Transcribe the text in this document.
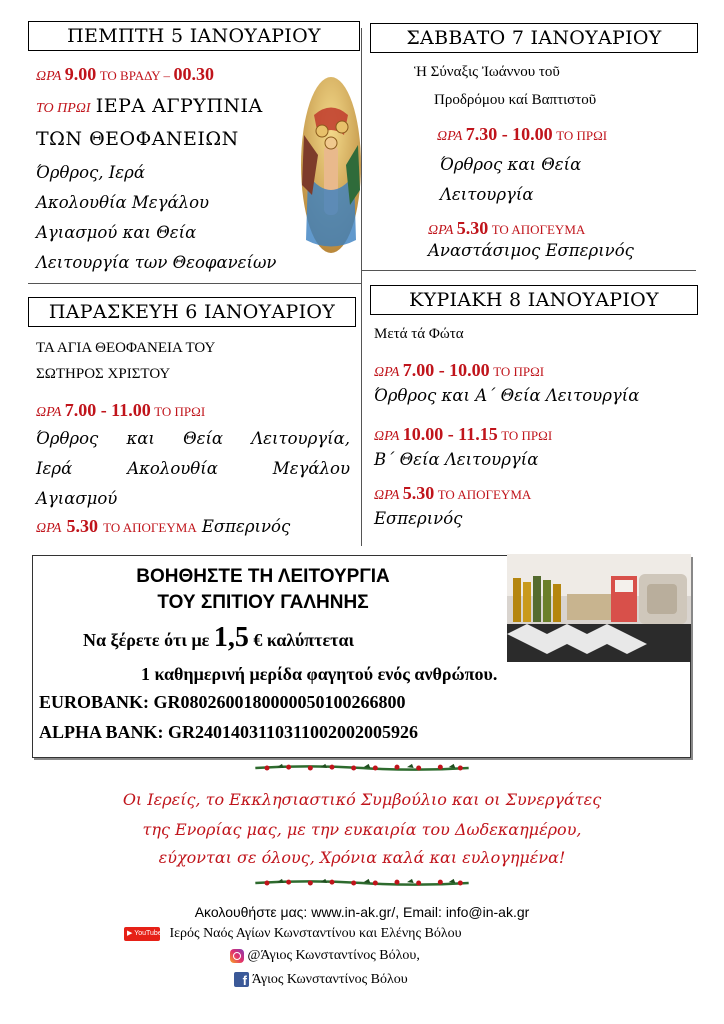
ΠΕΜΠΤΗ 5 ΙΑΝΟΥΑΡΙΟΥ
ΩΡΑ 9.00 ΤΟ ΒΡΑΔΥ – 00.30
ΤΟ ΠΡΩΙ ΙΕΡΑ ΑΓΡΥΠΝΙΑ
ΤΩΝ ΘΕΟΦΑΝΕΙΩΝ
Όρθρος, Ιερά
Ακολουθία Μεγάλου
Αγιασμού και Θεία
Λειτουργία των Θεοφανείων
ΣΑΒΒΑΤΟ 7 ΙΑΝΟΥΑΡΙΟΥ
Ἡ Σύναξις Ἰωάννου τοῦ
Προδρόμου καί Βαπτιστοῦ
ΩΡΑ 7.30 - 10.00 ΤΟ ΠΡΩΙ
Όρθρος και Θεία
Λειτουργία
ΩΡΑ 5.30 ΤΟ ΑΠΟΓΕΥΜΑ
Αναστάσιμος Εσπερινός
ΠΑΡΑΣΚΕΥΗ 6 ΙΑΝΟΥΑΡΙΟΥ
ΤΑ ΑΓΙΑ ΘΕΟΦΑΝΕΙΑ ΤΟΥ
ΣΩΤΗΡΟΣ ΧΡΙΣΤΟΥ
ΩΡΑ 7.00 - 11.00 ΤΟ ΠΡΩΙ
Όρθρος και Θεία Λειτουργία,
Ιερά Ακολουθία Μεγάλου
Αγιασμού
ΩΡΑ 5.30 ΤΟ ΑΠΟΓΕΥΜΑ Εσπερινός
ΚΥΡΙΑΚΗ 8 ΙΑΝΟΥΑΡΙΟΥ
Μετά τά Φώτα
ΩΡΑ 7.00 - 10.00 ΤΟ ΠΡΩΙ
Όρθρος και Α΄ Θεία Λειτουργία
ΩΡΑ 10.00 - 11.15 ΤΟ ΠΡΩΙ
Β΄ Θεία Λειτουργία
ΩΡΑ 5.30 ΤΟ ΑΠΟΓΕΥΜΑ
Εσπερινός
ΒΟΗΘΗΣΤΕ ΤΗ ΛΕΙΤΟΥΡΓΙΑ
ΤΟΥ ΣΠΙΤΙΟΥ ΓΑΛΗΝΗΣ
Να ξέρετε ότι με 1,5 € καλύπτεται
1 καθημερινή μερίδα φαγητού ενός ανθρώπου.
EUROBANK: GR0802600180000050100266800
ALPHA BANK: GR2401403110311002002005926
Οι Ιερείς, το Εκκλησιαστικό Συμβούλιο και οι Συνεργάτες
της Ενορίας μας, με την ευκαιρία του Δωδεκαημέρου,
εύχονται σε όλους, Χρόνια καλά και ευλογημένα!
Ακολουθήστε μας: www.in-ak.gr/, Email: info@in-ak.gr
▶ YouTube Ιερός Ναός Αγίων Κωνσταντίνου και Ελένης Βόλου
@Άγιος Κωνσταντίνος Βόλου,
f Άγιος Κωνσταντίνος Βόλου
